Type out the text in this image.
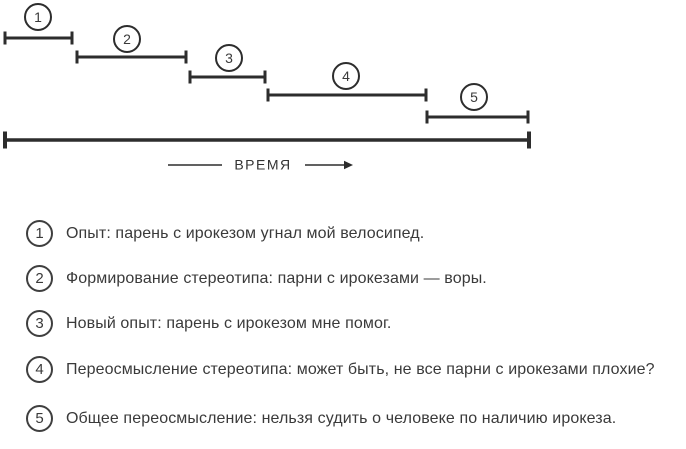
1
2
3
4
5
ВРЕМЯ
1 Опыт: парень с ирокезом угнал мой велосипед.
2 Формирование стереотипа: парни с ирокезами — воры.
3 Новый опыт: парень с ирокезом мне помог.
4 Переосмысление стереотипа: может быть, не все парни с ирокезами плохие?
5 Общее переосмысление: нельзя судить о человеке по наличию ирокеза.
